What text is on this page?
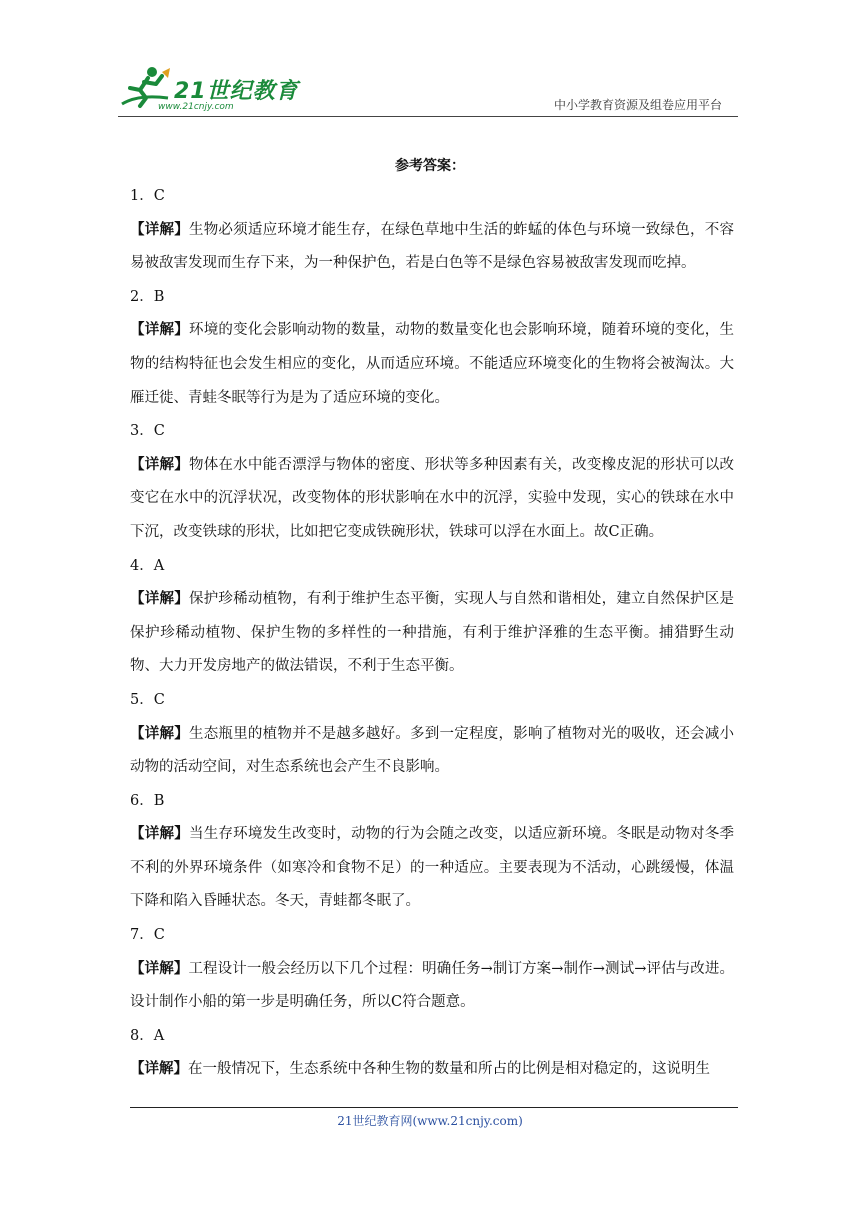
21世纪教育
www.21cnjy.com	中小学教育资源及组卷应用平台
参考答案：

1．C

【详解】生物必须适应环境才能生存，在绿色草地中生活的蚱蜢的体色与环境一致绿色，不容易被敌害发现而生存下来，为一种保护色，若是白色等不是绿色容易被敌害发现而吃掉。

2．B

【详解】环境的变化会影响动物的数量，动物的数量变化也会影响环境，随着环境的变化，生物的结构特征也会发生相应的变化，从而适应环境。不能适应环境变化的生物将会被淘汰。大雁迁徙、青蛙冬眠等行为是为了适应环境的变化。

3．C

【详解】物体在水中能否漂浮与物体的密度、形状等多种因素有关，改变橡皮泥的形状可以改变它在水中的沉浮状况，改变物体的形状影响在水中的沉浮，实验中发现，实心的铁球在水中下沉，改变铁球的形状，比如把它变成铁碗形状，铁球可以浮在水面上。故C正确。

4．A

【详解】保护珍稀动植物，有利于维护生态平衡，实现人与自然和谐相处，建立自然保护区是保护珍稀动植物、保护生物的多样性的一种措施，有利于维护泽雅的生态平衡。捕猎野生动物、大力开发房地产的做法错误，不利于生态平衡。

5．C

【详解】生态瓶里的植物并不是越多越好。多到一定程度，影响了植物对光的吸收，还会减小动物的活动空间，对生态系统也会产生不良影响。

6．B

【详解】当生存环境发生改变时，动物的行为会随之改变，以适应新环境。冬眠是动物对冬季不利的外界环境条件（如寒冷和食物不足）的一种适应。主要表现为不活动，心跳缓慢，体温下降和陷入昏睡状态。冬天，青蛙都冬眠了。

7．C

【详解】工程设计一般会经历以下几个过程：明确任务→制订方案→制作→测试→评估与改进。设计制作小船的第一步是明确任务，所以C符合题意。

8．A

【详解】在一般情况下，生态系统中各种生物的数量和所占的比例是相对稳定的，这说明生

21世纪教育网(www.21cnjy.com)
